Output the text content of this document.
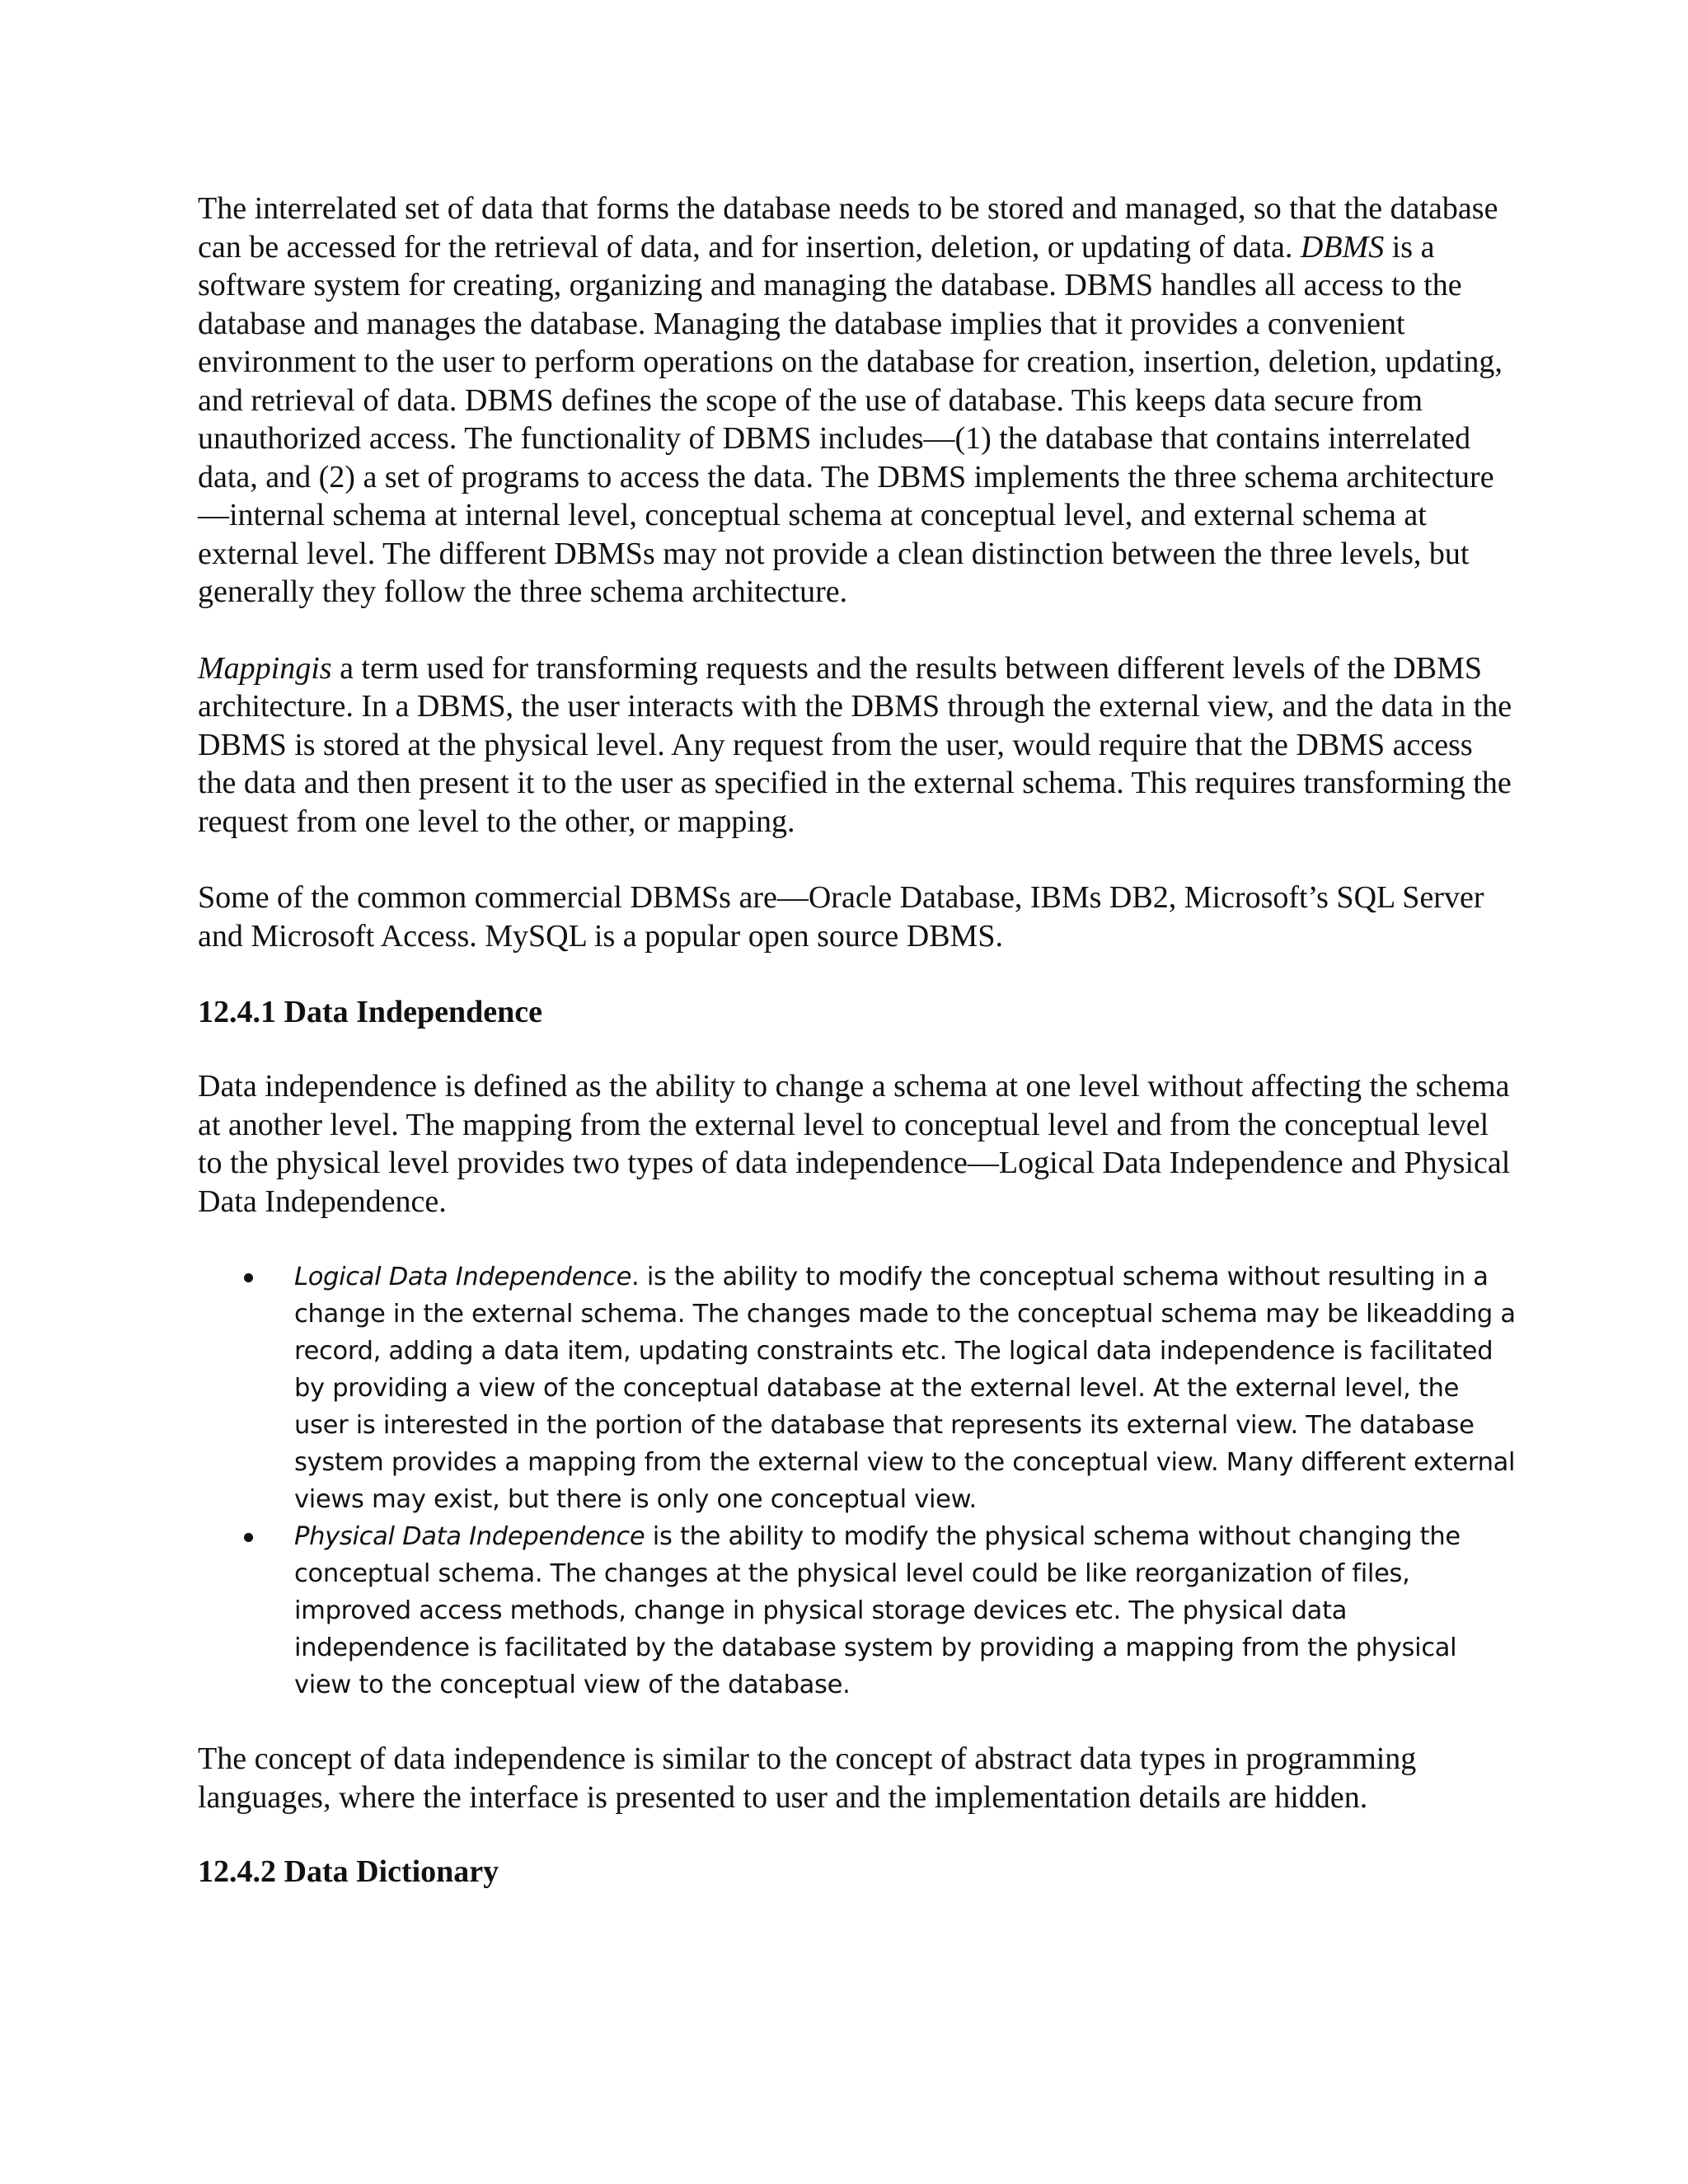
The interrelated set of data that forms the database needs to be stored and managed, so that the database can be accessed for the retrieval of data, and for insertion, deletion, or updating of data. DBMS is a software system for creating, organizing and managing the database. DBMS handles all access to the database and manages the database. Managing the database implies that it provides a convenient environment to the user to perform operations on the database for creation, insertion, deletion, updating, and retrieval of data. DBMS defines the scope of the use of database. This keeps data secure from unauthorized access. The functionality of DBMS includes—(1) the database that contains interrelated data, and (2) a set of programs to access the data. The DBMS implements the three schema architecture—internal schema at internal level, conceptual schema at conceptual level, and external schema at external level. The different DBMSs may not provide a clean distinction between the three levels, but generally they follow the three schema architecture.

Mappingis a term used for transforming requests and the results between different levels of the DBMS architecture. In a DBMS, the user interacts with the DBMS through the external view, and the data in the DBMS is stored at the physical level. Any request from the user, would require that the DBMS access the data and then present it to the user as specified in the external schema. This requires transforming the request from one level to the other, or mapping.

Some of the common commercial DBMSs are—Oracle Database, IBMs DB2, Microsoft’s SQL Server and Microsoft Access. MySQL is a popular open source DBMS.

12.4.1 Data Independence

Data independence is defined as the ability to change a schema at one level without affecting the schema at another level. The mapping from the external level to conceptual level and from the conceptual level to the physical level provides two types of data independence—Logical Data Independence and Physical Data Independence.

Logical Data Independence. is the ability to modify the conceptual schema without resulting in a change in the external schema. The changes made to the conceptual schema may be likeadding a record, adding a data item, updating constraints etc. The logical data independence is facilitated by providing a view of the conceptual database at the external level. At the external level, the user is interested in the portion of the database that represents its external view. The database system provides a mapping from the external view to the conceptual view. Many different external views may exist, but there is only one conceptual view.
Physical Data Independence is the ability to modify the physical schema without changing the conceptual schema. The changes at the physical level could be like reorganization of files, improved access methods, change in physical storage devices etc. The physical data independence is facilitated by the database system by providing a mapping from the physical view to the conceptual view of the database.

The concept of data independence is similar to the concept of abstract data types in programming languages, where the interface is presented to user and the implementation details are hidden.

12.4.2 Data Dictionary
